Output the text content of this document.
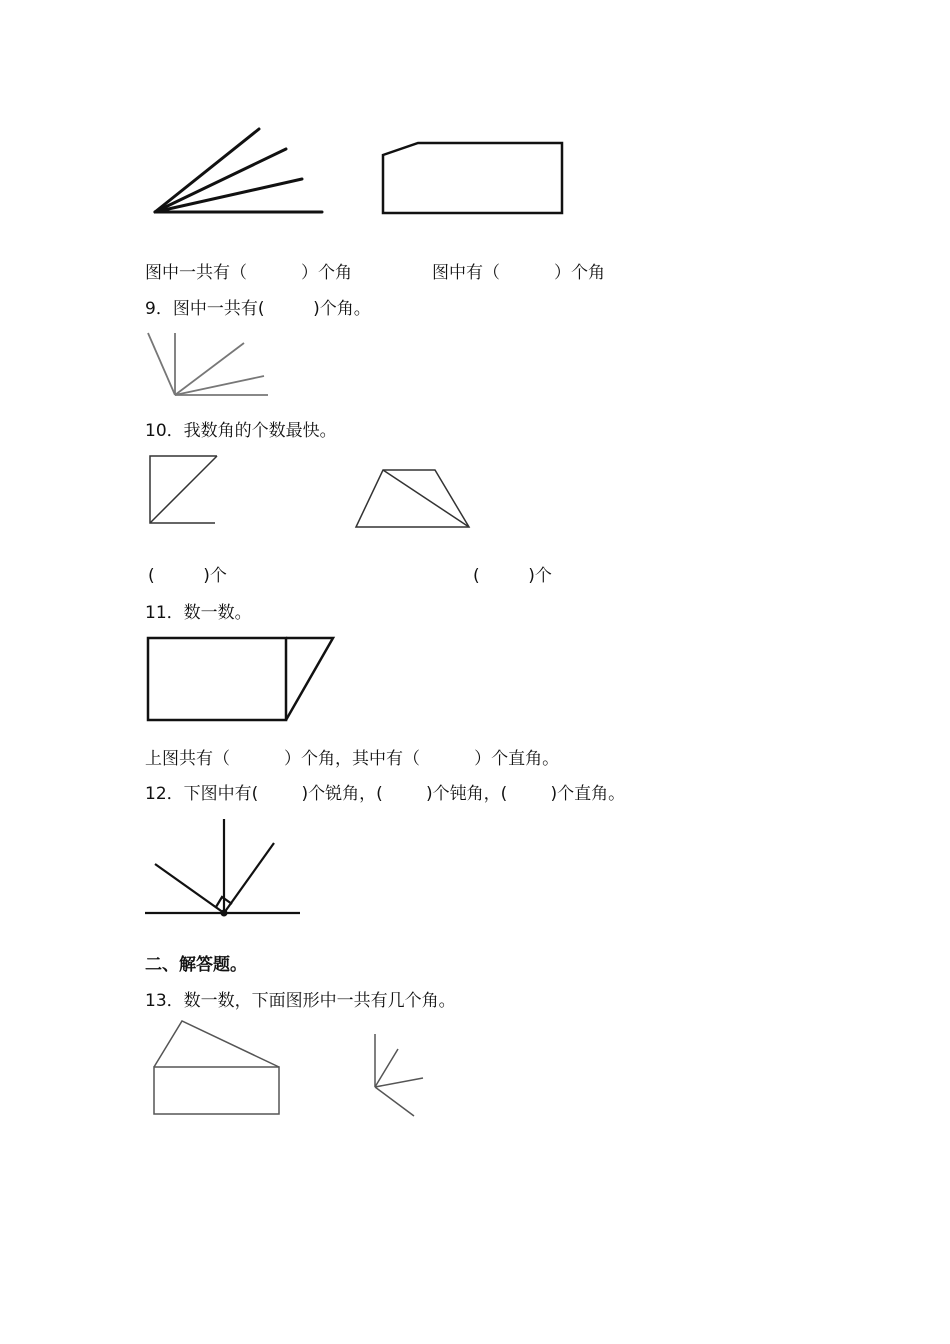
图中一共有（          ）个角	图中有（          ）个角
9．图中一共有(         )个角。
10．我数角的个数最快。
(         )个	(         )个
11．数一数。
上图共有（          ）个角，其中有（          ）个直角。
12．下图中有(        )个锐角，(        )个钝角，(        )个直角。
二、解答题。
13．数一数，下面图形中一共有几个角。
